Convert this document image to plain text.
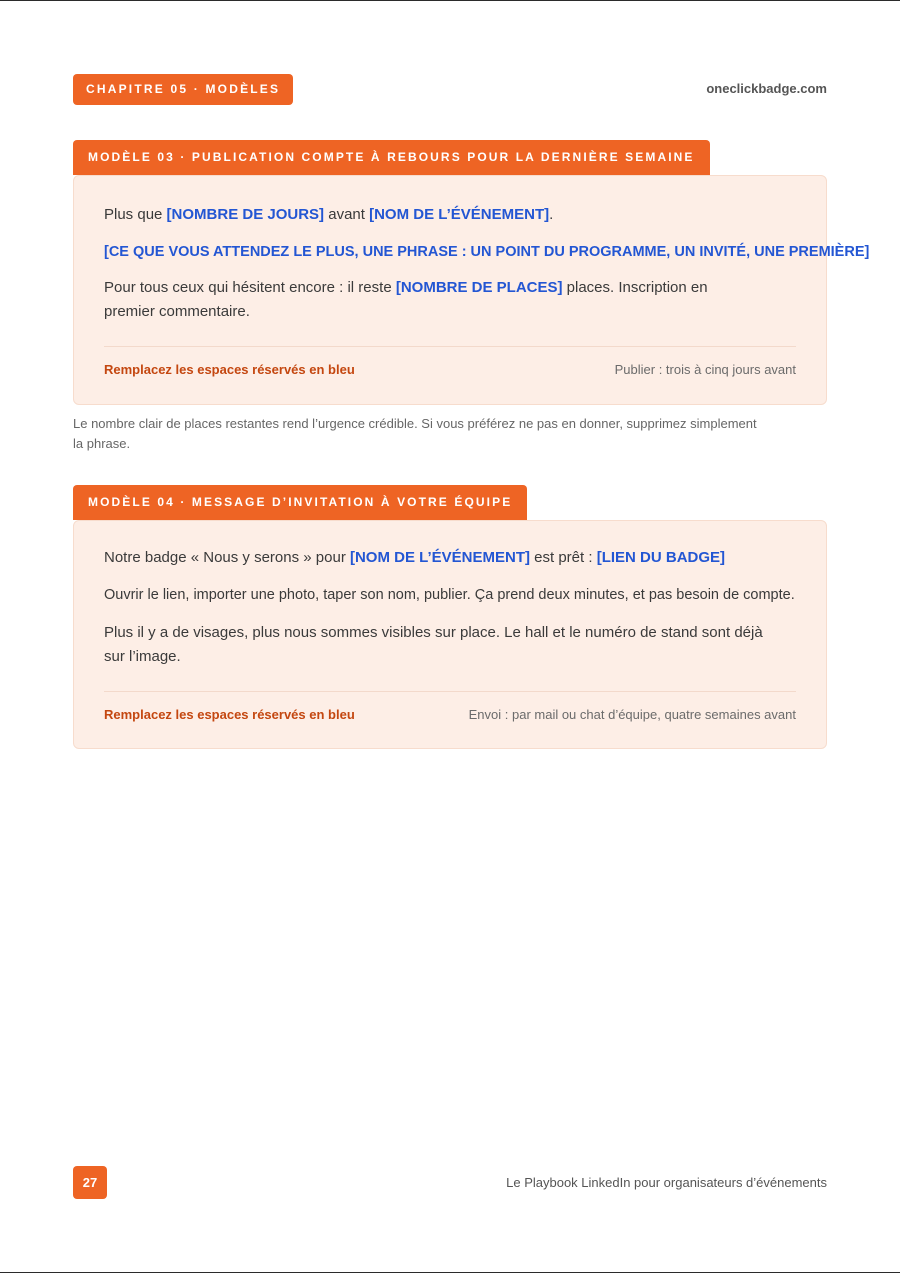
CHAPITRE 05 · MODÈLES	oneclickbadge.com
MODÈLE 03 · PUBLICATION COMPTE À REBOURS POUR LA DERNIÈRE SEMAINE

Plus que [NOMBRE DE JOURS] avant [NOM DE L’ÉVÉNEMENT].

[CE QUE VOUS ATTENDEZ LE PLUS, UNE PHRASE : UN POINT DU PROGRAMME, UN INVITÉ, UNE PREMIÈRE]

Pour tous ceux qui hésitent encore : il reste [NOMBRE DE PLACES] places. Inscription en premier commentaire.

Remplacez les espaces réservés en bleu	Publier : trois à cinq jours avant
Le nombre clair de places restantes rend l’urgence crédible. Si vous préférez ne pas en donner, supprimez simplement la phrase.
MODÈLE 04 · MESSAGE D’INVITATION À VOTRE ÉQUIPE

Notre badge « Nous y serons » pour [NOM DE L’ÉVÉNEMENT] est prêt : [LIEN DU BADGE]

Ouvrir le lien, importer une photo, taper son nom, publier. Ça prend deux minutes, et pas besoin de compte.

Plus il y a de visages, plus nous sommes visibles sur place. Le hall et le numéro de stand sont déjà sur l’image.

Remplacez les espaces réservés en bleu	Envoi : par mail ou chat d’équipe, quatre semaines avant
27	Le Playbook LinkedIn pour organisateurs d’événements
